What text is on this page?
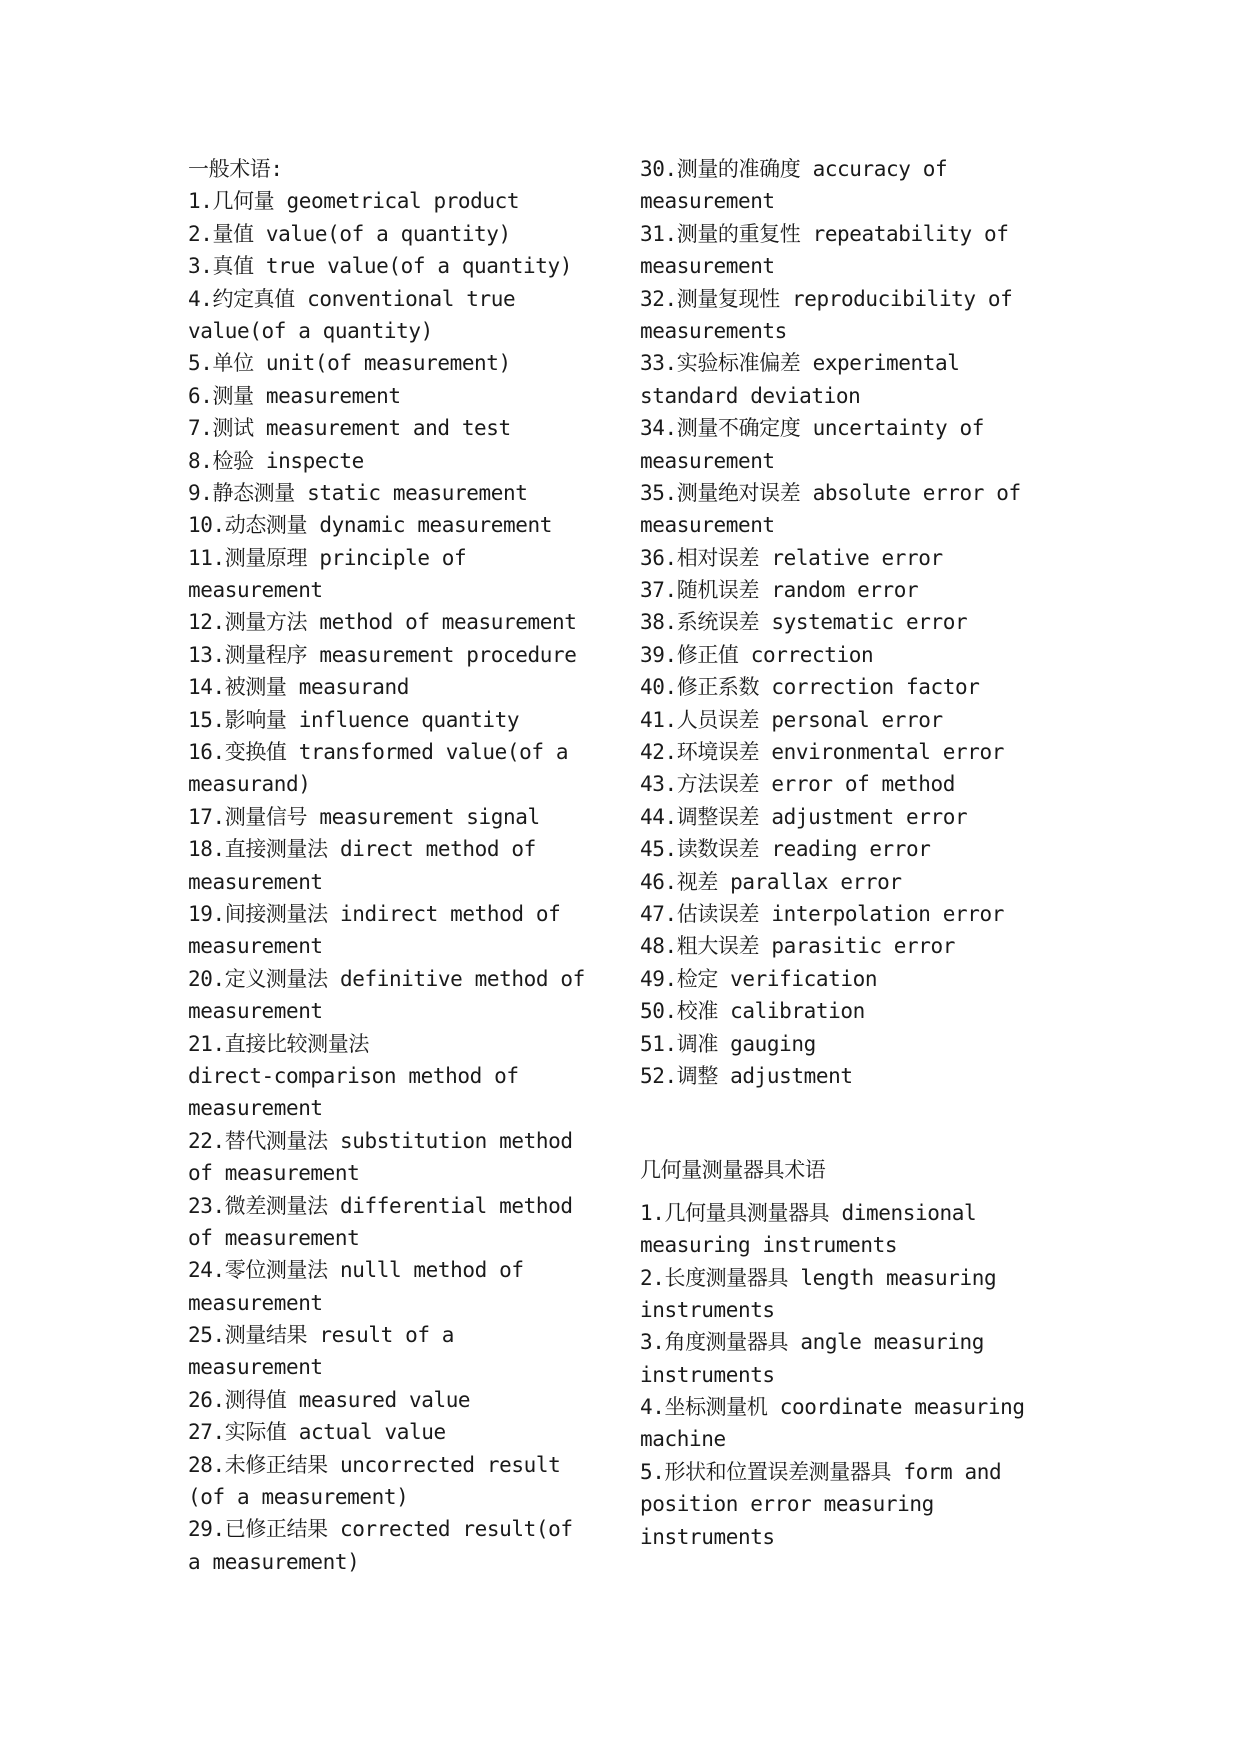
一般术语:
1.几何量 geometrical product
2.量值 value(of a quantity)
3.真值 true value(of a quantity)
4.约定真值 conventional true
value(of a quantity)
5.单位 unit(of measurement)
6.测量 measurement
7.测试 measurement and test
8.检验 inspecte
9.静态测量 static measurement
10.动态测量 dynamic measurement
11.测量原理 principle of
measurement
12.测量方法 method of measurement
13.测量程序 measurement procedure
14.被测量 measurand
15.影响量 influence quantity
16.变换值 transformed value(of a
measurand)
17.测量信号 measurement signal
18.直接测量法 direct method of
measurement
19.间接测量法 indirect method of
measurement
20.定义测量法 definitive method of
measurement
21.直接比较测量法
direct-comparison method of
measurement
22.替代测量法 substitution method
of measurement
23.微差测量法 differential method
of measurement
24.零位测量法 nulll method of
measurement
25.测量结果 result of a
measurement
26.测得值 measured value
27.实际值 actual value
28.未修正结果 uncorrected result
(of a measurement)
29.已修正结果 corrected result(of
a measurement)
30.测量的准确度 accuracy of
measurement
31.测量的重复性 repeatability of
measurement
32.测量复现性 reproducibility of
measurements
33.实验标准偏差 experimental
standard deviation
34.测量不确定度 uncertainty of
measurement
35.测量绝对误差 absolute error of
measurement
36.相对误差 relative error
37.随机误差 random error
38.系统误差 systematic error
39.修正值 correction
40.修正系数 correction factor
41.人员误差 personal error
42.环境误差 environmental error
43.方法误差 error of method
44.调整误差 adjustment error
45.读数误差 reading error
46.视差 parallax error
47.估读误差 interpolation error
48.粗大误差 parasitic error
49.检定 verification
50.校准 calibration
51.调准 gauging
52.调整 adjustment
几何量测量器具术语
1.几何量具测量器具 dimensional
measuring instruments
2.长度测量器具 length measuring
instruments
3.角度测量器具 angle measuring
instruments
4.坐标测量机 coordinate measuring
machine
5.形状和位置误差测量器具 form and
position error measuring
instruments
